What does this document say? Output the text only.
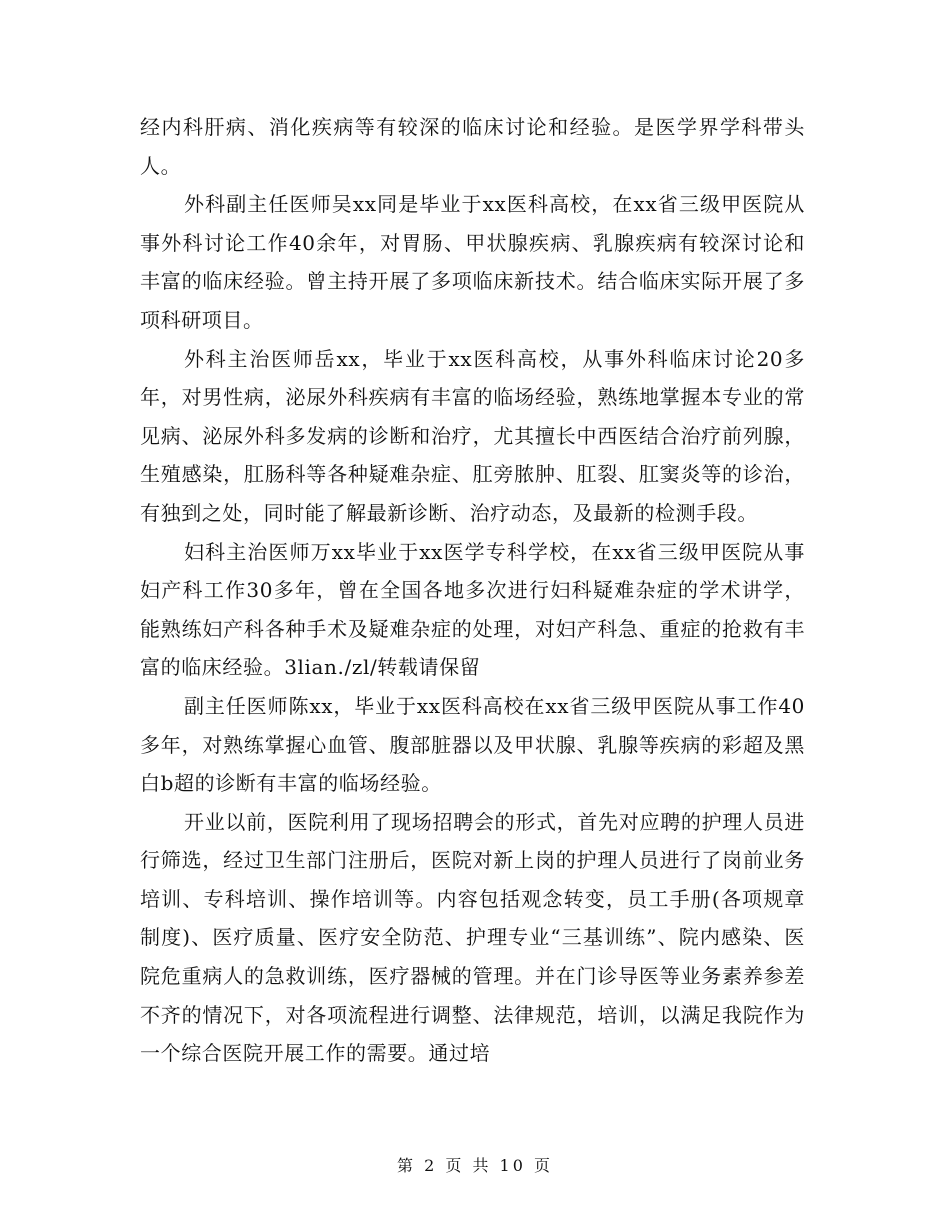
经内科肝病、消化疾病等有较深的临床讨论和经验。是医学界学科带头人。

外科副主任医师吴xx同是毕业于xx医科高校，在xx省三级甲医院从事外科讨论工作40余年，对胃肠、甲状腺疾病、乳腺疾病有较深讨论和丰富的临床经验。曾主持开展了多项临床新技术。结合临床实际开展了多项科研项目。

外科主治医师岳xx，毕业于xx医科高校，从事外科临床讨论20多年，对男性病，泌尿外科疾病有丰富的临场经验，熟练地掌握本专业的常见病、泌尿外科多发病的诊断和治疗，尤其擅长中西医结合治疗前列腺，生殖感染，肛肠科等各种疑难杂症、肛旁脓肿、肛裂、肛窦炎等的诊治，有独到之处，同时能了解最新诊断、治疗动态，及最新的检测手段。

妇科主治医师万xx毕业于xx医学专科学校，在xx省三级甲医院从事妇产科工作30多年，曾在全国各地多次进行妇科疑难杂症的学术讲学，能熟练妇产科各种手术及疑难杂症的处理，对妇产科急、重症的抢救有丰富的临床经验。3lian./zl/转载请保留

副主任医师陈xx，毕业于xx医科高校在xx省三级甲医院从事工作40多年，对熟练掌握心血管、腹部脏器以及甲状腺、乳腺等疾病的彩超及黑白b超的诊断有丰富的临场经验。

开业以前，医院利用了现场招聘会的形式，首先对应聘的护理人员进行筛选，经过卫生部门注册后，医院对新上岗的护理人员进行了岗前业务培训、专科培训、操作培训等。内容包括观念转变，员工手册(各项规章制度)、医疗质量、医疗安全防范、护理专业“三基训练”、院内感染、医院危重病人的急救训练，医疗器械的管理。并在门诊导医等业务素养参差不齐的情况下，对各项流程进行调整、法律规范，培训，以满足我院作为一个综合医院开展工作的需要。通过培

第 2 页 共 10 页
